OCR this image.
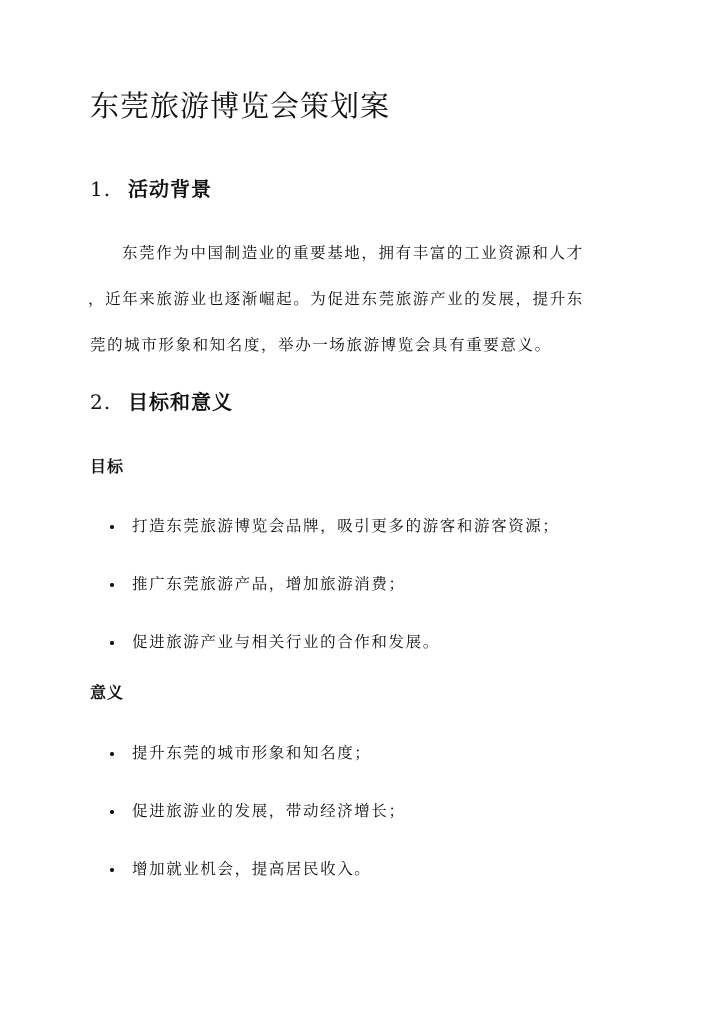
东莞旅游博览会策划案
1. 活动背景

东莞作为中国制造业的重要基地，拥有丰富的工业资源和人才
，近年来旅游业也逐渐崛起。为促进东莞旅游产业的发展，提升东
莞的城市形象和知名度，举办一场旅游博览会具有重要意义。

2. 目标和意义
目标
打造东莞旅游博览会品牌，吸引更多的游客和游客资源；
推广东莞旅游产品，增加旅游消费；
促进旅游产业与相关行业的合作和发展。
意义
提升东莞的城市形象和知名度；
促进旅游业的发展，带动经济增长；
增加就业机会，提高居民收入。
